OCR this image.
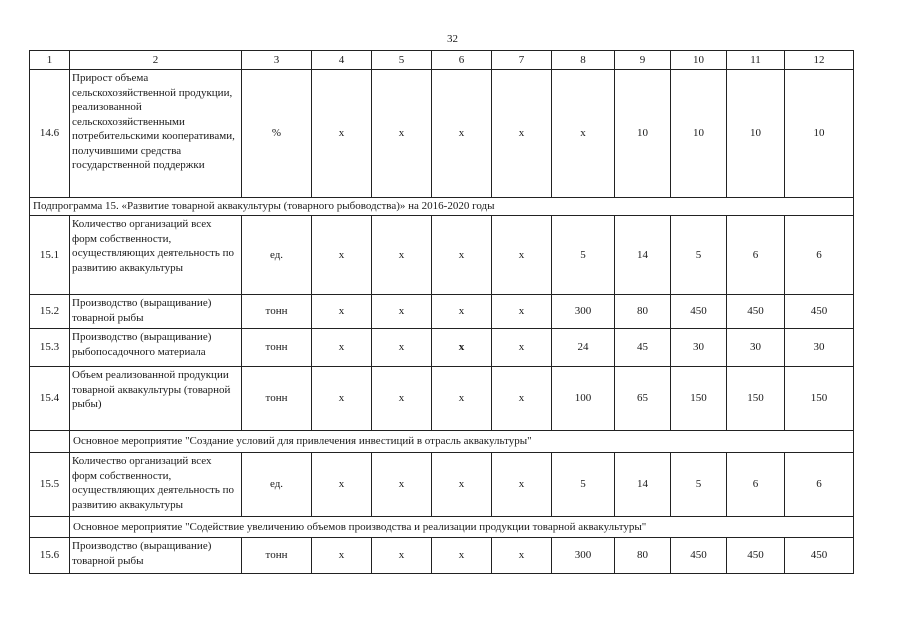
32
1	2	3	4	5	6	7	8	9	10	11	12
14.6	Прирост объема сельскохозяйственной продукции, реализованной сельскохозяйственными потребительскими кооперативами, получившими средства государственной поддержки	%	x	x	x	x	x	10	10	10	10
Подпрограмма 15. «Развитие товарной аквакультуры (товарного рыбоводства)» на 2016-2020 годы											
15.1	Количество организаций всех форм собственности, осуществляющих деятельность по развитию аквакультуры	ед.	x	x	x	x	5	14	5	6	6
15.2	Производство (выращивание) товарной рыбы	тонн	x	x	x	x	300	80	450	450	450
15.3	Производство (выращивание) рыбопосадочного материала	тонн	x	x	x	x	24	45	30	30	30
15.4	Объем реализованной продукции товарной аквакультуры (товарной рыбы)	тонн	x	x	x	x	100	65	150	150	150
	Основное мероприятие "Создание условий для привлечения инвестиций в отрасль аквакультуры"										
15.5	Количество организаций всех форм собственности, осуществляющих деятельность по развитию аквакультуры	ед.	x	x	x	x	5	14	5	6	6
	Основное мероприятие "Содействие увеличению объемов производства и реализации продукции товарной аквакультуры"										
15.6	Производство (выращивание) товарной рыбы	тонн	x	x	x	x	300	80	450	450	450
